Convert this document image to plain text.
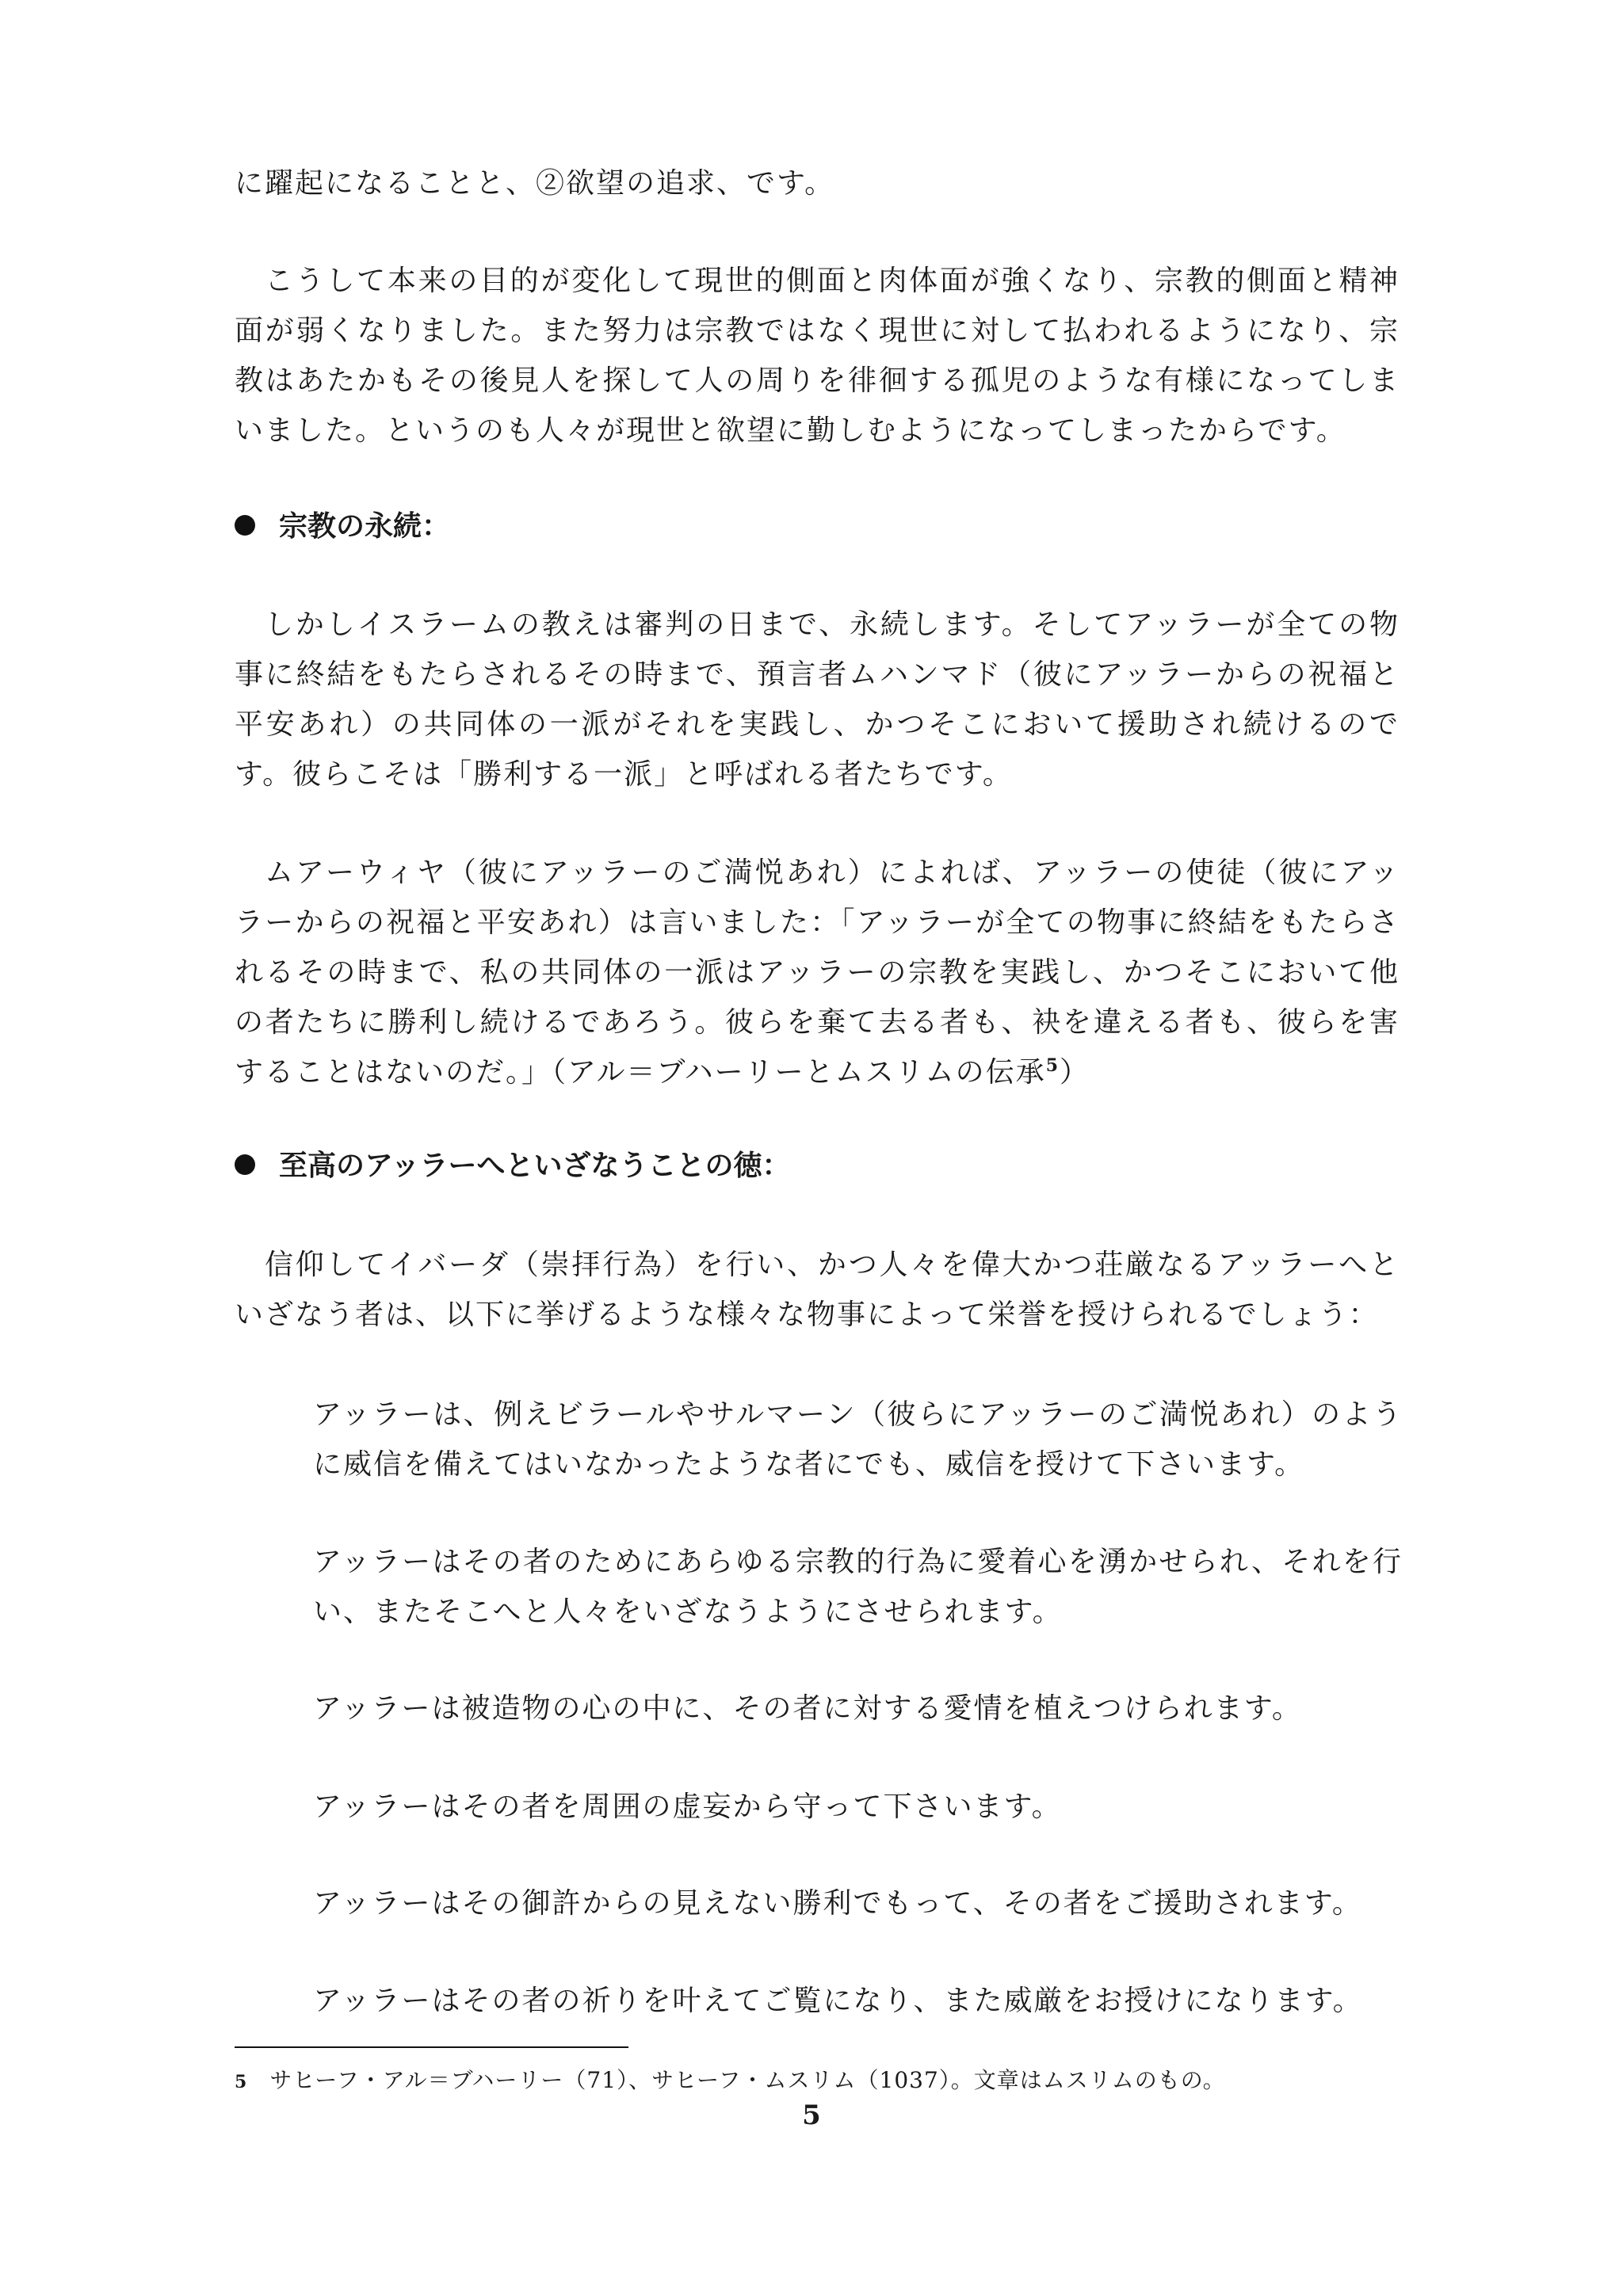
に躍起になることと、②欲望の追求、です。

こうして本来の目的が変化して現世的側面と肉体面が強くなり、宗教的側面と精神面が弱くなりました。また努力は宗教ではなく現世に対して払われるようになり、宗教はあたかもその後見人を探して人の周りを徘徊する孤児のような有様になってしまいました。というのも人々が現世と欲望に勤しむようになってしまったからです。

宗教の永続：

しかしイスラームの教えは審判の日まで、永続します。そしてアッラーが全ての物事に終結をもたらされるその時まで、預言者ムハンマド（彼にアッラーからの祝福と平安あれ）の共同体の一派がそれを実践し、かつそこにおいて援助され続けるのです。彼らこそは「勝利する一派」と呼ばれる者たちです。

ムアーウィヤ（彼にアッラーのご満悦あれ）によれば、アッラーの使徒（彼にアッラーからの祝福と平安あれ）は言いました：「アッラーが全ての物事に終結をもたらされるその時まで、私の共同体の一派はアッラーの宗教を実践し、かつそこにおいて他の者たちに勝利し続けるであろう。彼らを棄て去る者も、袂を違える者も、彼らを害することはないのだ。」（アル＝ブハーリーとムスリムの伝承$^5$）

至高のアッラーへといざなうことの徳：

信仰してイバーダ（崇拝行為）を行い、かつ人々を偉大かつ荘厳なるアッラーへといざなう者は、以下に挙げるような様々な物事によって栄誉を授けられるでしょう：

アッラーは、例えビラールやサルマーン（彼らにアッラーのご満悦あれ）のように威信を備えてはいなかったような者にでも、威信を授けて下さいます。

アッラーはその者のためにあらゆる宗教的行為に愛着心を湧かせられ、それを行い、またそこへと人々をいざなうようにさせられます。

アッラーは被造物の心の中に、その者に対する愛情を植えつけられます。

アッラーはその者を周囲の虚妄から守って下さいます。

アッラーはその御許からの見えない勝利でもって、その者をご援助されます。

アッラーはその者の祈りを叶えてご覧になり、また威厳をお授けになります。

5 サヒーフ・アル＝ブハーリー（71）、サヒーフ・ムスリム（1037）。文章はムスリムのもの。

5
